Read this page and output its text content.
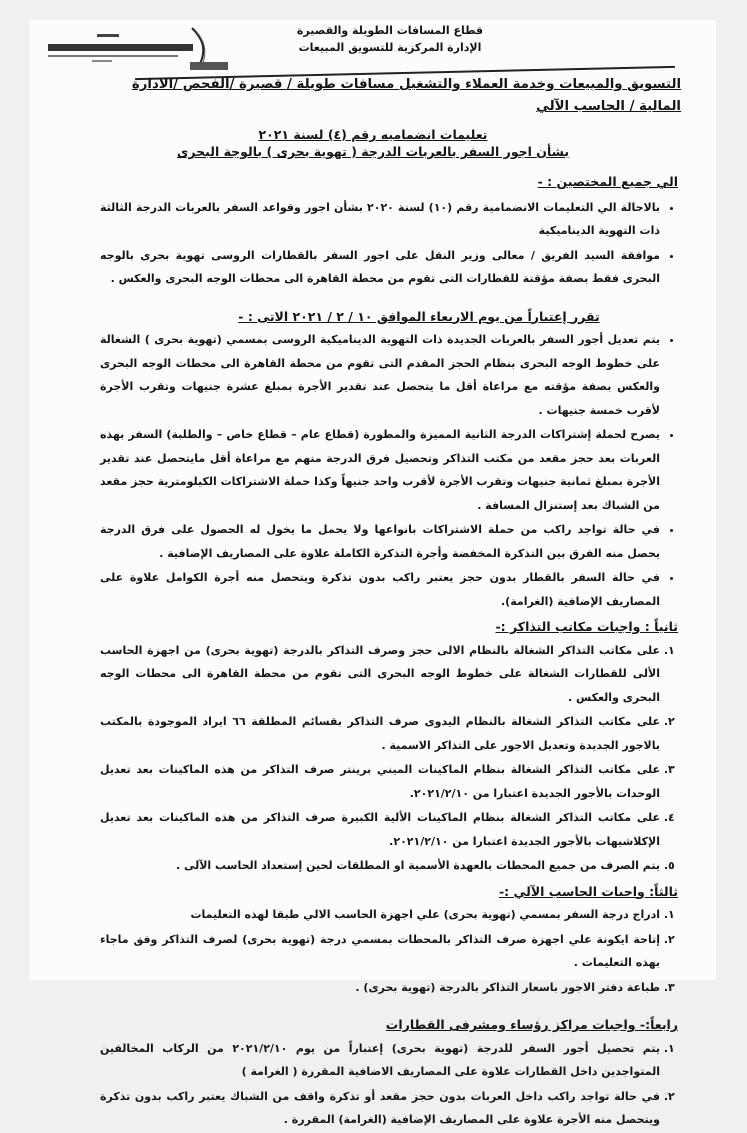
قطاع المسافات الطويلة والقصيرة
الإدارة المركزية للتسويق المبيعات
التسويق والمبيعات وخدمة العملاء والتشغيل مسافات طويلة / قصيرة /الفحص /الادارة المالية / الحاسب الآلي
تعليمات انضماميه رقم (٤) لسنة ٢٠٢١
بشأن اجور السفر بالعربات الدرجة ( تهوية بحرى ) بالوجة البحرى
الي جميع المختصين : -
• بالاحالة الي التعليمات الانضمامية رقم (١٠) لسنة ٢٠٢٠ بشأن اجور وقواعد السفر بالعربات الدرجة الثالثة ذات التهوية الديناميكية
• موافقة السيد الفريق / معالى وزير النقل على اجور السفر بالقطارات الروسى تهوية بحرى بالوجه البحرى فقط بصفة مؤقتة للقطارات التى تقوم من محطة القاهرة الى محطات الوجه البحرى والعكس .
تقرر إعتباراً من يوم الاربعاء الموافق ١٠ / ٢ / ٢٠٢١ الاتى : -
• يتم تعديل أجور السفر بالعربات الجديدة ذات التهوية الديناميكية الروسى بمسمي (تهوية بحرى ) الشغالة على خطوط الوجه البحرى بنظام الحجز المقدم التى تقوم من محطة القاهرة الى محطات الوجه البحرى والعكس بصفة مؤقته مع مراعاة أقل ما يتحصل عند تقدير الأجرة بمبلغ عشرة جنيهات وتقرب الأجرة لأقرب خمسة جنيهات .
• يصرح لحملة إشتراكات الدرجة الثانية المميزة والمطورة (قطاع عام – قطاع خاص – والطلبة) السفر بهذه العربات بعد حجز مقعد من مكتب التذاكر وتحصيل فرق الدرجة منهم مع مراعاة أقل مايتحصل عند تقدير الأجرة بمبلغ ثمانية جنيهات وتقرب الأجرة لأقرب واحد جنيهاً وكذا حملة الاشتراكات الكيلومترية حجز مقعد من الشباك بعد إستنزال المسافة .
• في حالة تواجد راكب من حملة الاشتراكات بانواعها ولا يحمل ما يخول له الحصول على فرق الدرجة يحصل منه الفرق بين التذكرة المخفضة وأجرة التذكرة الكاملة علاوة على المصاريف الإضافية .
• في حالة السفر بالقطار بدون حجز يعتبر راكب بدون تذكرة ويتحصل منه أجرة الكوامل علاوة على المصاريف الإضافية (الغرامة).
ثانياً : واجبات مكاتب التذاكر :-
1. على مكاتب التذاكر الشغالة بالنظام الالى حجز وصرف التذاكر بالدرجة (تهوية بحرى) من اجهزة الحاسب الألى للقطارات الشغالة على خطوط الوجه البحرى التى تقوم من محطة القاهرة الى محطات الوجه البحرى والعكس .
2. على مكاتب التذاكر الشغالة بالنظام اليدوى صرف التذاكر بقسائم المطلقة ٦٦ ايراد الموجودة بالمكتب بالاجور الجديدة وتعديل الاجور على التذاكر الاسمية .
3. على مكاتب التذاكر الشغالة بنظام الماكينات الميني برينتر صرف التذاكر من هذه الماكينات بعد تعديل الوحدات بالأجور الجديدة اعتبارا من ٢٠٢١/٢/١٠.
4. على مكاتب التذاكر الشغالة بنظام الماكينات الألية الكبيرة صرف التذاكر من هذه الماكينات بعد تعديل الإكلاشيهات بالأجور الجديدة اعتبارا من ٢٠٢١/٢/١٠.
5. يتم الصرف من جميع المحطات بالعهدة الأسمية او المطلقات لحين إستعداد الحاسب الآلى .
ثالثاً: واجبات الحاسب الآلي :-
1. ادراج درجة السفر بمسمي (تهوية بحرى) علي اجهزة الحاسب الالي طبقا لهذه التعليمات
2. إتاحة ايكونة علي اجهزة صرف التذاكر بالمحطات بمسمي درجة (تهوية بحرى) لصرف التذاكر وفق ماجاء بهذه التعليمات .
3. طباعة دفتر الاجور باسعار التذاكر بالدرجة (تهوية بحرى) .
رابعاً:- واجبات مراكز رؤساء ومشرفى القطارات
1. يتم تحصيل أجور السفر للدرجة (تهوية بحرى) إعتباراً من يوم ٢٠٢١/٢/١٠ من الركاب المخالفين المتواجدين داخل القطارات علاوة على المصاريف الاضافية المقررة ( الغرامة )
2. في حالة تواجد راكب داخل العربات بدون حجز مقعد أو تذكرة واقف من الشباك يعتبر راكب بدون تذكرة ويتحصل منه الأجرة علاوة على المصاريف الإضافية (الغرامة) المقررة .
